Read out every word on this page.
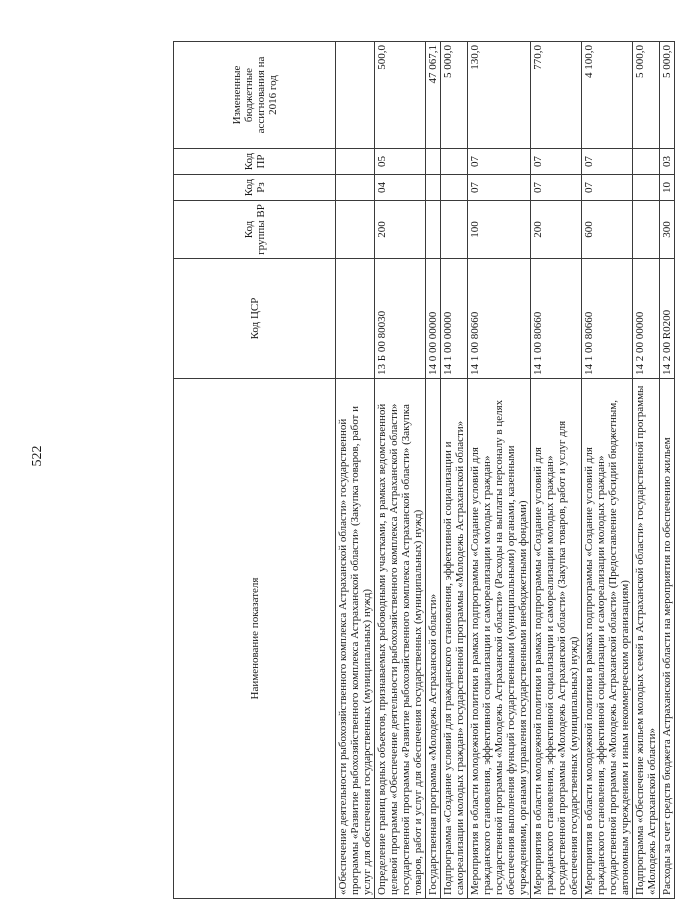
522
Наименование показателя	Код ЦСР	Код группы ВР	Код Рз	Код ПР	Измененные бюджетные ассигнования на 2016 год
«Обеспечение деятельности рыбохозяйственного комплекса Астраханской области» государственной программы «Развитие рыбохозяйственного комплекса Астраханской области» (Закупка товаров, работ и услуг для обеспечения государственных (муниципальных) нужд)					
Определение границ водных объектов, признаваемых рыбоводными участками, в рамках ведомственной целевой программы «Обеспечение деятельности рыбохозяйственного комплекса Астраханской области» государственной программы «Развитие рыбохозяйственного комплекса Астраханской области» (Закупка товаров, работ и услуг для обеспечения государственных (муниципальных) нужд)	13 Б 00 80030	200	04	05	500,0
Государственная программа «Молодежь Астраханской области»	14 0 00 00000				47 067,1
Подпрограмма «Создание условий для гражданского становления, эффективной социализации и самореализации молодых граждан» государственной программы «Молодежь Астраханской области»	14 1 00 00000				5 000,0
Мероприятия в области молодежной политики в рамках подпрограммы «Создание условий для гражданского становления, эффективной социализации и самореализации молодых граждан» государственной программы «Молодежь Астраханской области» (Расходы на выплаты персоналу в целях обеспечения выполнения функций государственными (муниципальными) органами, казенными учреждениями, органами управления государственными внебюджетными фондами)	14 1 00 80660	100	07	07	130,0
Мероприятия в области молодежной политики в рамках подпрограммы «Создание условий для гражданского становления, эффективной социализации и самореализации молодых граждан» государственной программы «Молодежь Астраханской области» (Закупка товаров, работ и услуг для обеспечения государственных (муниципальных) нужд)	14 1 00 80660	200	07	07	770,0
Мероприятия в области молодежной политики в рамках подпрограммы «Создание условий для гражданского становления, эффективной социализации и самореализации молодых граждан» государственной программы «Молодежь Астраханской области» (Предоставление субсидий бюджетным, автономным учреждениям и иным некоммерческим организациям)	14 1 00 80660	600	07	07	4 100,0
Подпрограмма «Обеспечение жильем молодых семей в Астраханской области» государственной программы «Молодежь Астраханской области»	14 2 00 00000				5 000,0
Расходы за счет средств бюджета Астраханской области на мероприятия по обеспечению жильем	14 2 00 R0200	300	10	03	5 000,0
